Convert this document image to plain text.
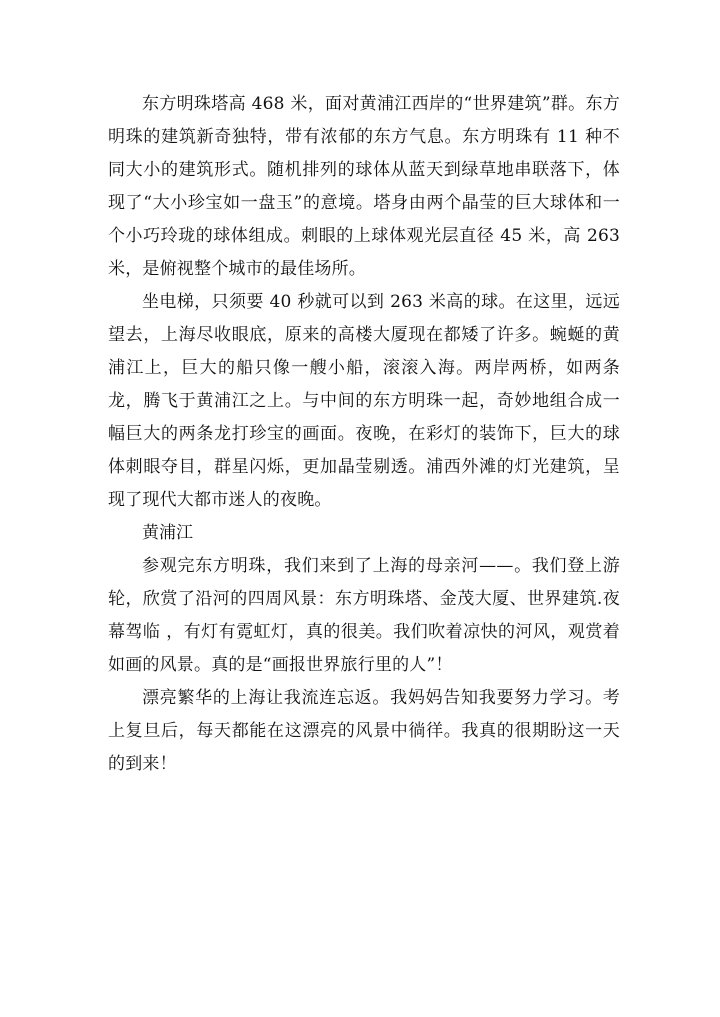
东方明珠塔高 468 米，面对黄浦江西岸的“世界建筑”群。东方明珠的建筑新奇独特，带有浓郁的东方气息。东方明珠有 11 种不同大小的建筑形式。随机排列的球体从蓝天到绿草地串联落下，体现了“大小珍宝如一盘玉”的意境。塔身由两个晶莹的巨大球体和一个小巧玲珑的球体组成。刺眼的上球体观光层直径 45 米，高 263 米，是俯视整个城市的最佳场所。

坐电梯，只须要 40 秒就可以到 263 米高的球。在这里，远远望去，上海尽收眼底，原来的高楼大厦现在都矮了许多。蜿蜒的黄浦江上，巨大的船只像一艘小船，滚滚入海。两岸两桥，如两条龙，腾飞于黄浦江之上。与中间的东方明珠一起，奇妙地组合成一幅巨大的两条龙打珍宝的画面。夜晚，在彩灯的装饰下，巨大的球体刺眼夺目，群星闪烁，更加晶莹剔透。浦西外滩的灯光建筑，呈现了现代大都市迷人的夜晚。

黄浦江

参观完东方明珠，我们来到了上海的母亲河——。我们登上游轮，欣赏了沿河的四周风景：东方明珠塔、金茂大厦、世界建筑.夜幕驾临 ，有灯有霓虹灯，真的很美。我们吹着凉快的河风，观赏着如画的风景。真的是“画报世界旅行里的人”！

漂亮繁华的上海让我流连忘返。我妈妈告知我要努力学习。考上复旦后，每天都能在这漂亮的风景中徜徉。我真的很期盼这一天的到来！
